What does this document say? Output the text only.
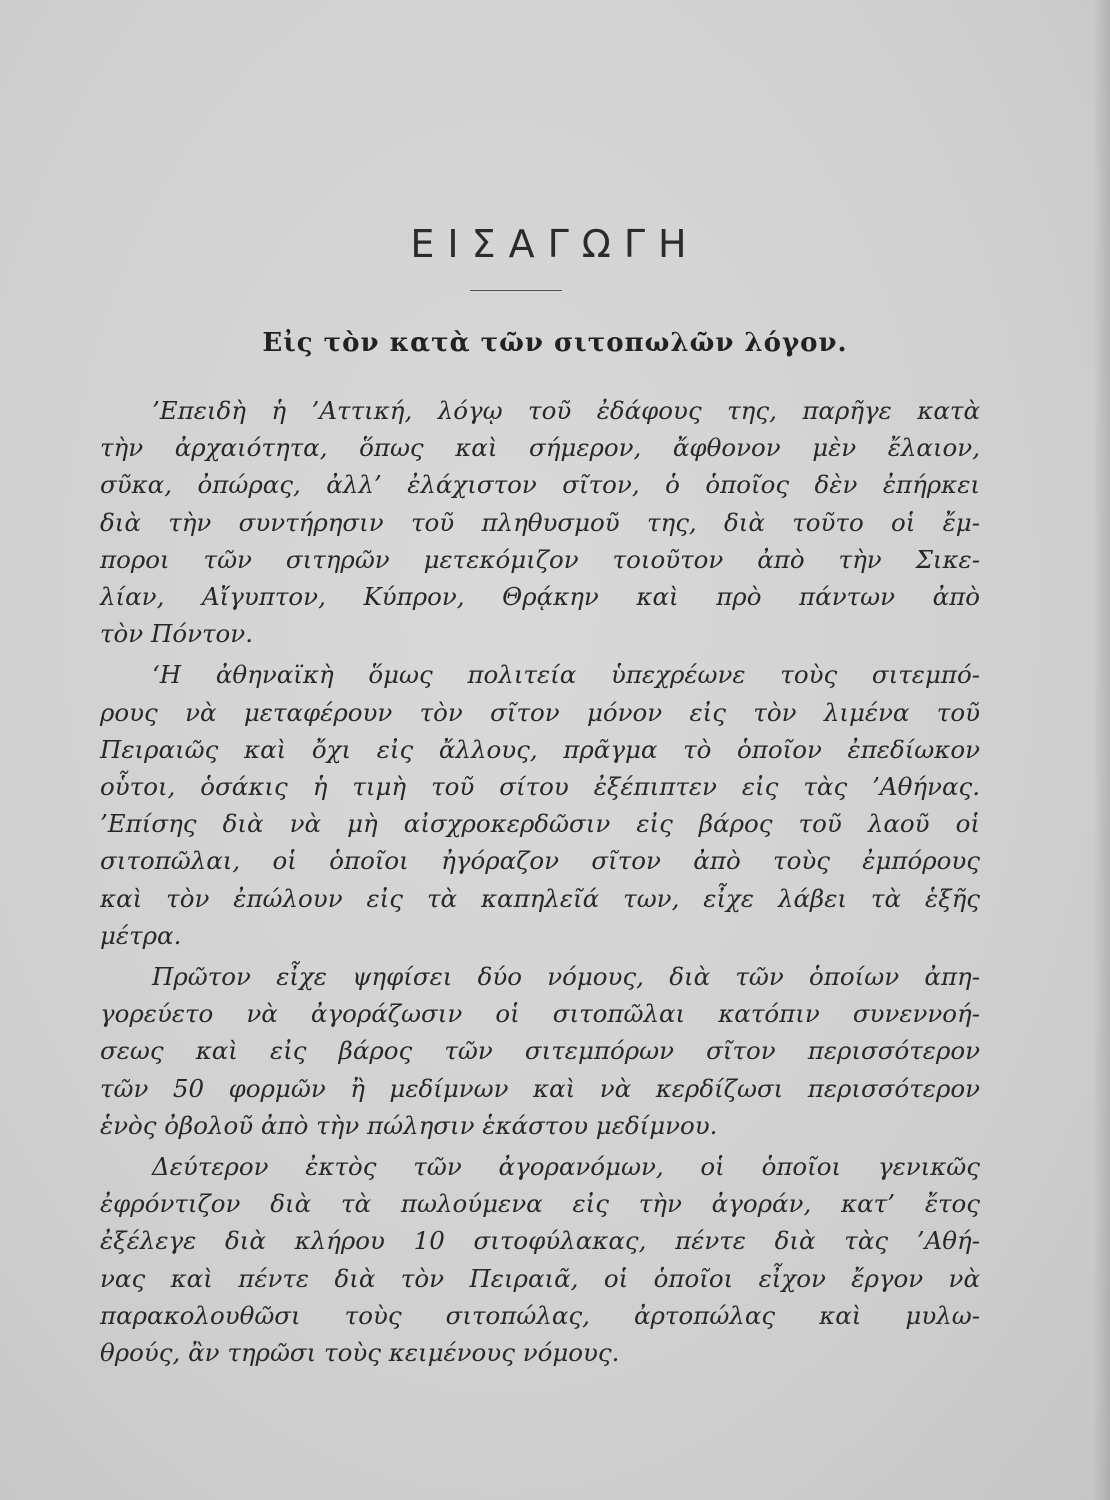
ΕΙΣΑΓΩΓΗ
Εἰς τὸν κατὰ τῶν σιτοπωλῶν λόγον.
’Επειδὴ ἡ ’Αττική, λόγῳ τοῦ ἐδάφους της, παρῆγε κατὰ
τὴν ἀρχαιότητα, ὅπως καὶ σήμερον, ἄφθονον μὲν ἔλαιον,
σῦκα, ὀπώρας, ἀλλ’ ἐλάχιστον σῖτον, ὁ ὁποῖος δὲν ἐπήρκει
διὰ τὴν συντήρησιν τοῦ πληθυσμοῦ της, διὰ τοῦτο οἱ ἔμ-
ποροι τῶν σιτηρῶν μετεκόμιζον τοιοῦτον ἀπὸ τὴν Σικε-
λίαν, Αἴγυπτον, Κύπρον, Θρᾴκην καὶ πρὸ πάντων ἀπὸ
τὸν Πόντον.
‘Η ἀθηναϊκὴ ὅμως πολιτεία ὑπεχρέωνε τοὺς σιτεμπό-
ρους νὰ μεταφέρουν τὸν σῖτον μόνον εἰς τὸν λιμένα τοῦ
Πειραιῶς καὶ ὄχι εἰς ἄλλους, πρᾶγμα τὸ ὁποῖον ἐπεδίωκον
οὗτοι, ὁσάκις ἡ τιμὴ τοῦ σίτου ἐξέπιπτεν εἰς τὰς ’Αθήνας.
’Επίσης διὰ νὰ μὴ αἰσχροκερδῶσιν εἰς βάρος τοῦ λαοῦ οἱ
σιτοπῶλαι, οἱ ὁποῖοι ἠγόραζον σῖτον ἀπὸ τοὺς ἐμπόρους
καὶ τὸν ἐπώλουν εἰς τὰ καπηλεῖά των, εἶχε λάβει τὰ ἑξῆς
μέτρα.
Πρῶτον εἶχε ψηφίσει δύο νόμους, διὰ τῶν ὁποίων ἀπη-
γορεύετο νὰ ἀγοράζωσιν οἱ σιτοπῶλαι κατόπιν συνεννοή-
σεως καὶ εἰς βάρος τῶν σιτεμπόρων σῖτον περισσότερον
τῶν 50 φορμῶν ἢ μεδίμνων καὶ νὰ κερδίζωσι περισσότερον
ἑνὸς ὀβολοῦ ἀπὸ τὴν πώλησιν ἑκάστου μεδίμνου.
Δεύτερον ἐκτὸς τῶν ἀγορανόμων, οἱ ὁποῖοι γενικῶς
ἐφρόντιζον διὰ τὰ πωλούμενα εἰς τὴν ἀγοράν, κατ’ ἔτος
ἐξέλεγε διὰ κλήρου 10 σιτοφύλακας, πέντε διὰ τὰς ’Αθή-
νας καὶ πέντε διὰ τὸν Πειραιᾶ, οἱ ὁποῖοι εἶχον ἔργον νὰ
παρακολουθῶσι τοὺς σιτοπώλας, ἀρτοπώλας καὶ μυλω-
θρούς, ἂν τηρῶσι τοὺς κειμένους νόμους.
